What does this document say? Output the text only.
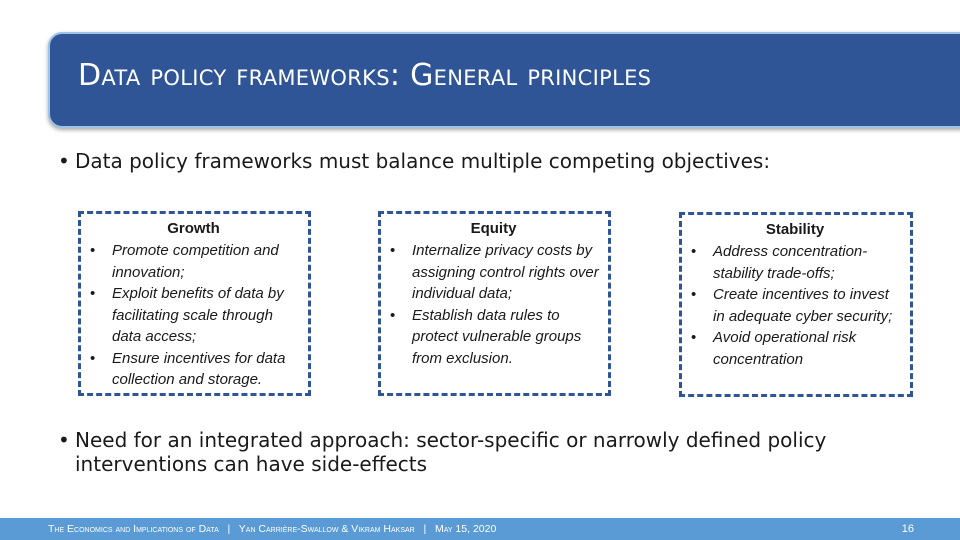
Data policy frameworks: General principles
• Data policy frameworks must balance multiple competing objectives:
Growth
• Promote competition and innovation;
• Exploit benefits of data by facilitating scale through data access;
• Ensure incentives for data collection and storage.
Equity
• Internalize privacy costs by assigning control rights over individual data;
• Establish data rules to protect vulnerable groups from exclusion.
Stability
• Address concentration-stability trade-offs;
• Create incentives to invest in adequate cyber security;
• Avoid operational risk concentration
• Need for an integrated approach: sector-specific or narrowly defined policy interventions can have side-effects
The Economics and Implications of Data   |   Yan Carrière-Swallow & Vikram Haksar   |   May 15, 2020	16
